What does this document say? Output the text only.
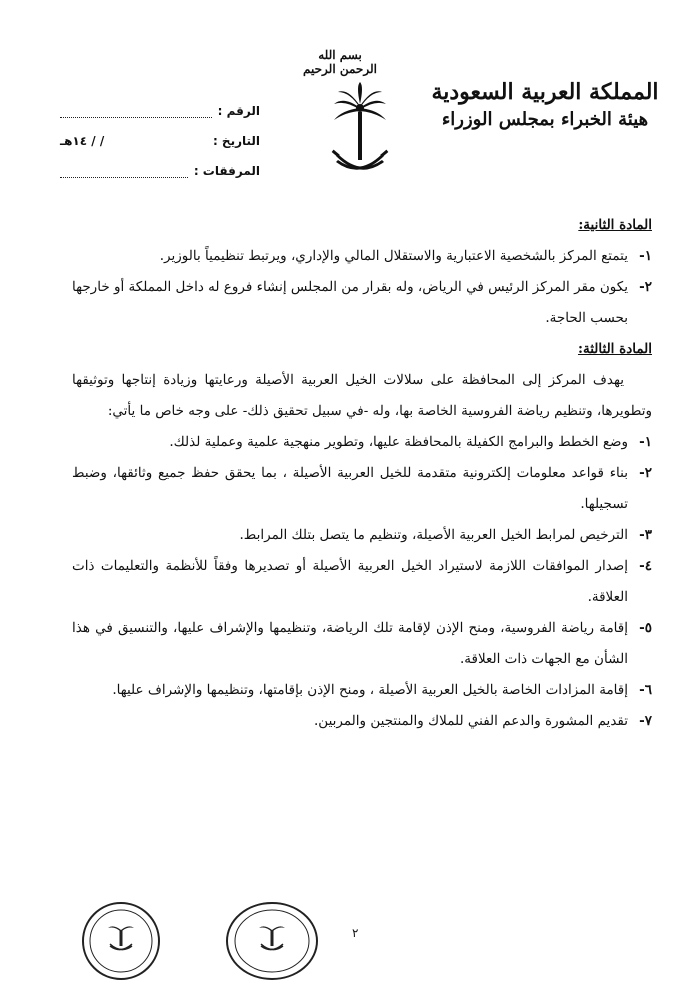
بسم الله الرحمن الرحيم
المملكة العربية السعودية
هيئة الخبراء بمجلس الوزراء
الرقم :
التاريخ :
/ / ١٤هـ
المرفقات :

المادة الثانية:

١-
يتمتع المركز بالشخصية الاعتبارية والاستقلال المالي والإداري، ويرتبط تنظيمياً بالوزير.

٢-
يكون مقر المركز الرئيس في الرياض، وله بقرار من المجلس إنشاء فروع له داخل المملكة أو خارجها بحسب الحاجة.

المادة الثالثة:

يهدف المركز إلى المحافظة على سلالات الخيل العربية الأصيلة ورعايتها وزيادة إنتاجها وتوثيقها وتطويرها، وتنظيم رياضة الفروسية الخاصة بها، وله -في سبيل تحقيق ذلك- على وجه خاص ما يأتي:

١-
وضع الخطط والبرامج الكفيلة بالمحافظة عليها، وتطوير منهجية علمية وعملية لذلك.

٢-
بناء قواعد معلومات إلكترونية متقدمة للخيل العربية الأصيلة ، بما يحقق حفظ جميع وثائقها، وضبط تسجيلها.

٣-
الترخيص لمرابط الخيل العربية الأصيلة، وتنظيم ما يتصل بتلك المرابط.

٤-
إصدار الموافقات اللازمة لاستيراد الخيل العربية الأصيلة أو تصديرها وفقاً للأنظمة والتعليمات ذات العلاقة.

٥-
إقامة رياضة الفروسية، ومنح الإذن لإقامة تلك الرياضة، وتنظيمها والإشراف عليها، والتنسيق في هذا الشأن مع الجهات ذات العلاقة.

٦-
إقامة المزادات الخاصة بالخيل العربية الأصيلة ، ومنح الإذن بإقامتها، وتنظيمها والإشراف عليها.

٧-
تقديم المشورة والدعم الفني للملاك والمنتجين والمربين.

٢
